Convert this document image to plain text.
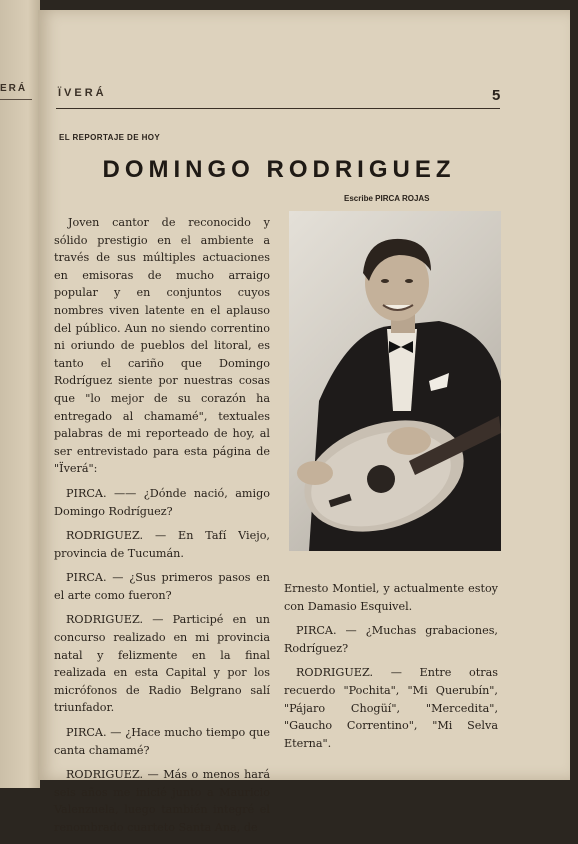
ERÁ	ÏVERÁ	5
EL REPORTAJE DE HOY
DOMINGO RODRIGUEZ
Escribe PIRCA ROJAS

Joven cantor de reconocido y sólido prestigio en el ambiente a través de sus múltiples actuaciones en emisoras de mucho arraigo popular y en conjuntos cuyos nombres viven latente en el aplauso del público. Aun no siendo correntino ni oriundo de pueblos del litoral, es tanto el cariño que Domingo Rodríguez siente por nuestras cosas que "lo mejor de su corazón ha entregado al chamamé", textuales palabras de mi reporteado de hoy, al ser entrevistado para esta página de "Ïverá":

PIRCA. —— ¿Dónde nació, amigo Domingo Rodríguez?

RODRIGUEZ. — En Tafí Viejo, provincia de Tucumán.

PIRCA. — ¿Sus primeros pasos en el arte como fueron?

RODRIGUEZ. — Participé en un concurso realizado en mi provincia natal y felizmente en la final realizada en esta Capital y por los micrófonos de Radio Belgrano salí triunfador.

PIRCA. — ¿Hace mucho tiempo que canta chamamé?

RODRIGUEZ. — Más o menos hará seis años me inicié junto a Mauricio Valenzuela, luego también integré el renombrado cuarteto Santa Ana, de

Ernesto Montiel, y actualmente estoy con Damasio Esquivel.

PIRCA. — ¿Muchas grabaciones, Rodríguez?

RODRIGUEZ. — Entre otras recuerdo "Pochita", "Mi Querubín", "Pájaro Chogüí", "Mercedita", "Gaucho Correntino", "Mi Selva Eterna".
